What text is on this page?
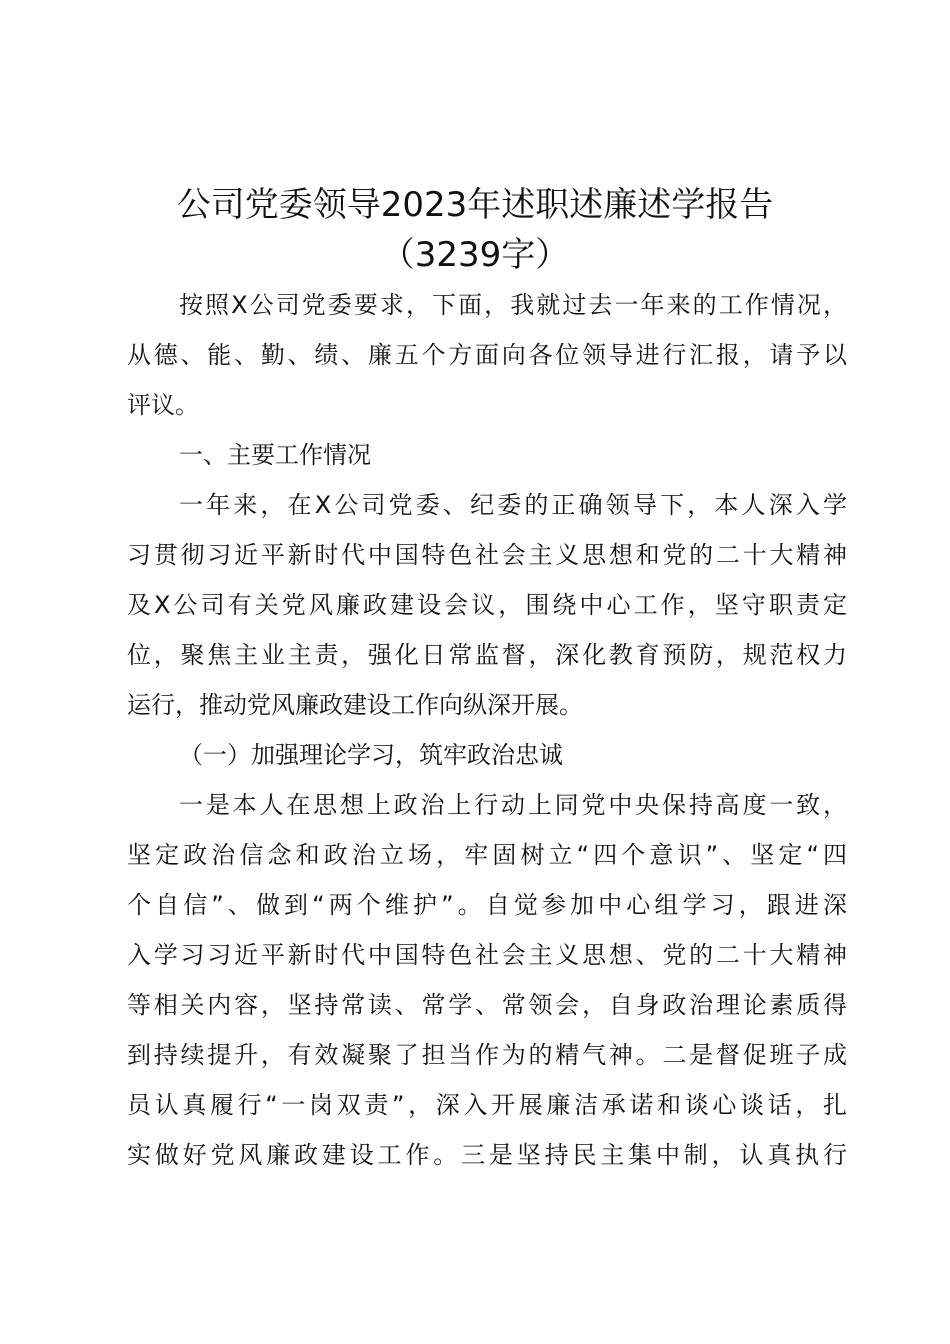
公司党委领导2023年述职述廉述学报告
（3239字）
按照X公司党委要求，下面，我就过去一年来的工作情况，
从德、能、勤、绩、廉五个方面向各位领导进行汇报，请予以
评议。
一、主要工作情况
一年来，在X公司党委、纪委的正确领导下，本人深入学
习贯彻习近平新时代中国特色社会主义思想和党的二十大精神
及X公司有关党风廉政建设会议，围绕中心工作，坚守职责定
位，聚焦主业主责，强化日常监督，深化教育预防，规范权力
运行，推动党风廉政建设工作向纵深开展。
（一）加强理论学习，筑牢政治忠诚
一是本人在思想上政治上行动上同党中央保持高度一致，
坚定政治信念和政治立场，牢固树立“四个意识”、坚定“四
个自信”、做到“两个维护”。自觉参加中心组学习，跟进深
入学习习近平新时代中国特色社会主义思想、党的二十大精神
等相关内容，坚持常读、常学、常领会，自身政治理论素质得
到持续提升，有效凝聚了担当作为的精气神。二是督促班子成
员认真履行“一岗双责”，深入开展廉洁承诺和谈心谈话，扎
实做好党风廉政建设工作。三是坚持民主集中制，认真执行
